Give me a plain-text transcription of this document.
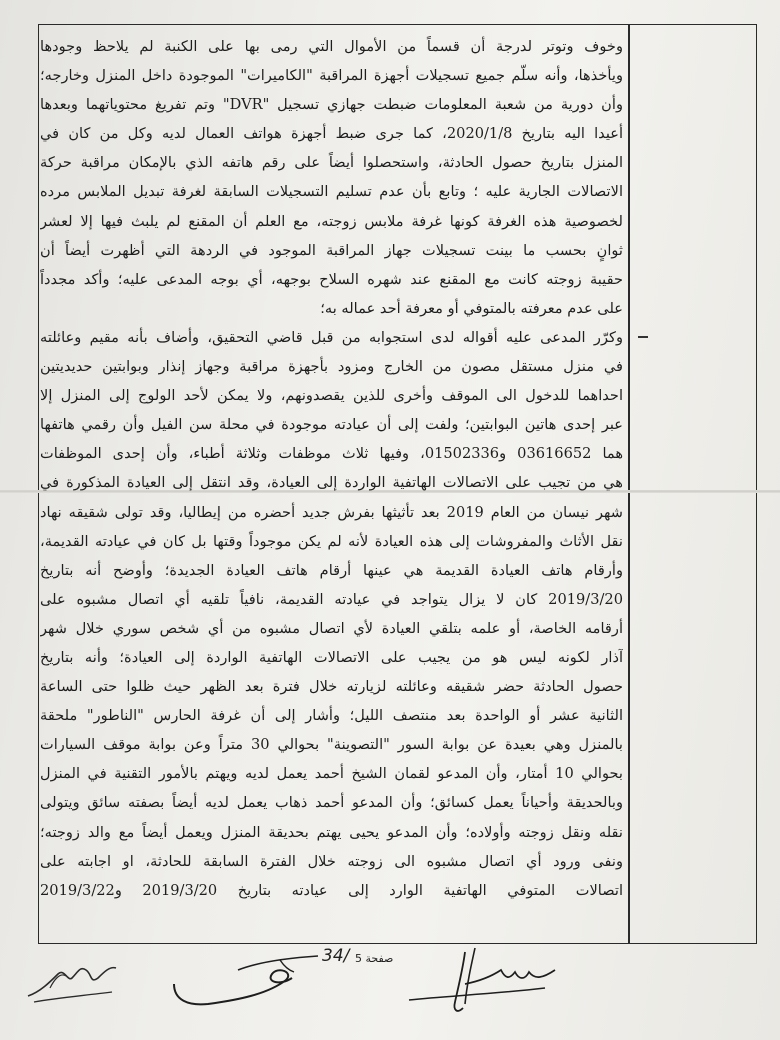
وخوف وتوتر لدرجة أن قسماً من الأموال التي رمى بها على الكنبة لم يلاحظ وجودها
ويأخذها، وأنه سلّم جميع تسجيلات أجهزة المراقبة "الكاميرات" الموجودة داخل المنزل وخارجه؛
وأن دورية من شعبة المعلومات ضبطت جهازي تسجيل "DVR" وتم تفريغ محتوياتهما وبعدها
أعيدا اليه بتاريخ 2020/1/8، كما جرى ضبط أجهزة هواتف العمال لديه وكل من كان في
المنزل بتاريخ حصول الحادثة، واستحصلوا أيضاً على رقم هاتفه الذي بالإمكان مراقبة حركة
الاتصالات الجارية عليه ؛ وتابع بأن عدم تسليم التسجيلات السابقة لغرفة تبديل الملابس مرده
لخصوصية هذه الغرفة كونها غرفة ملابس زوجته، مع العلم أن المقنع لم يلبث فيها إلا لعشر
ثوانٍ بحسب ما بينت تسجيلات جهاز المراقبة الموجود في الردهة التي أظهرت أيضاً أن
حقيبة زوجته كانت مع المقنع عند شهره السلاح بوجهه، أي بوجه المدعى عليه؛ وأكد مجدداً
على عدم معرفته بالمتوفي أو معرفة أحد عماله به؛
وكرّر المدعى عليه أقواله لدى استجوابه من قبل قاضي التحقيق، وأضاف بأنه مقيم وعائلته
في منزل مستقل مصون من الخارج ومزود بأجهزة مراقبة وجهاز إنذار وبوابتين حديديتين
احداهما للدخول الى الموقف وأخرى للذين يقصدونهم، ولا يمكن لأحد الولوج إلى المنزل إلا
عبر إحدى هاتين البوابتين؛ ولفت إلى أن عيادته موجودة في محلة سن الفيل وأن رقمي هاتفها
هما 03616652 و01502336، وفيها ثلاث موظفات وثلاثة أطباء، وأن إحدى الموظفات
هي من تجيب على الاتصالات الهاتفية الواردة إلى العيادة، وقد انتقل إلى العيادة المذكورة في
شهر نيسان من العام 2019 بعد تأثيثها بفرش جديد أحضره من إيطاليا، وقد تولى شقيقه نهاد
نقل الأثاث والمفروشات إلى هذه العيادة لأنه لم يكن موجوداً وقتها بل كان في عيادته القديمة،
وأرقام هاتف العيادة القديمة هي عينها أرقام هاتف العيادة الجديدة؛ وأوضح أنه بتاريخ
2019/3/20 كان لا يزال يتواجد في عيادته القديمة، نافياً تلقيه أي اتصال مشبوه على
أرقامه الخاصة، أو علمه بتلقي العيادة لأي اتصال مشبوه من أي شخص سوري خلال شهر
آذار لكونه ليس هو من يجيب على الاتصالات الهاتفية الواردة إلى العيادة؛ وأنه بتاريخ
حصول الحادثة حضر شقيقه وعائلته لزيارته خلال فترة بعد الظهر حيث ظلوا حتى الساعة
الثانية عشر أو الواحدة بعد منتصف الليل؛ وأشار إلى أن غرفة الحارس "الناطور" ملحقة
بالمنزل وهي بعيدة عن بوابة السور "التصوينة" بحوالي 30 متراً وعن بوابة موقف السيارات
بحوالي 10 أمتار، وأن المدعو لقمان الشيخ أحمد يعمل لديه ويهتم بالأمور التقنية في المنزل
وبالحديقة وأحياناً يعمل كسائق؛ وأن المدعو أحمد ذهاب يعمل لديه أيضاً بصفته سائق ويتولى
نقله ونقل زوجته وأولاده؛ وأن المدعو يحيى يهتم بحديقة المنزل ويعمل أيضاً مع والد زوجته؛
ونفى ورود أي اتصال مشبوه الى زوجته خلال الفترة السابقة للحادثة، او اجابته على
اتصالات المتوفي الهاتفية الوارد إلى عيادته بتاريخ 2019/3/20 و2019/3/22
34/ صفحة 5
